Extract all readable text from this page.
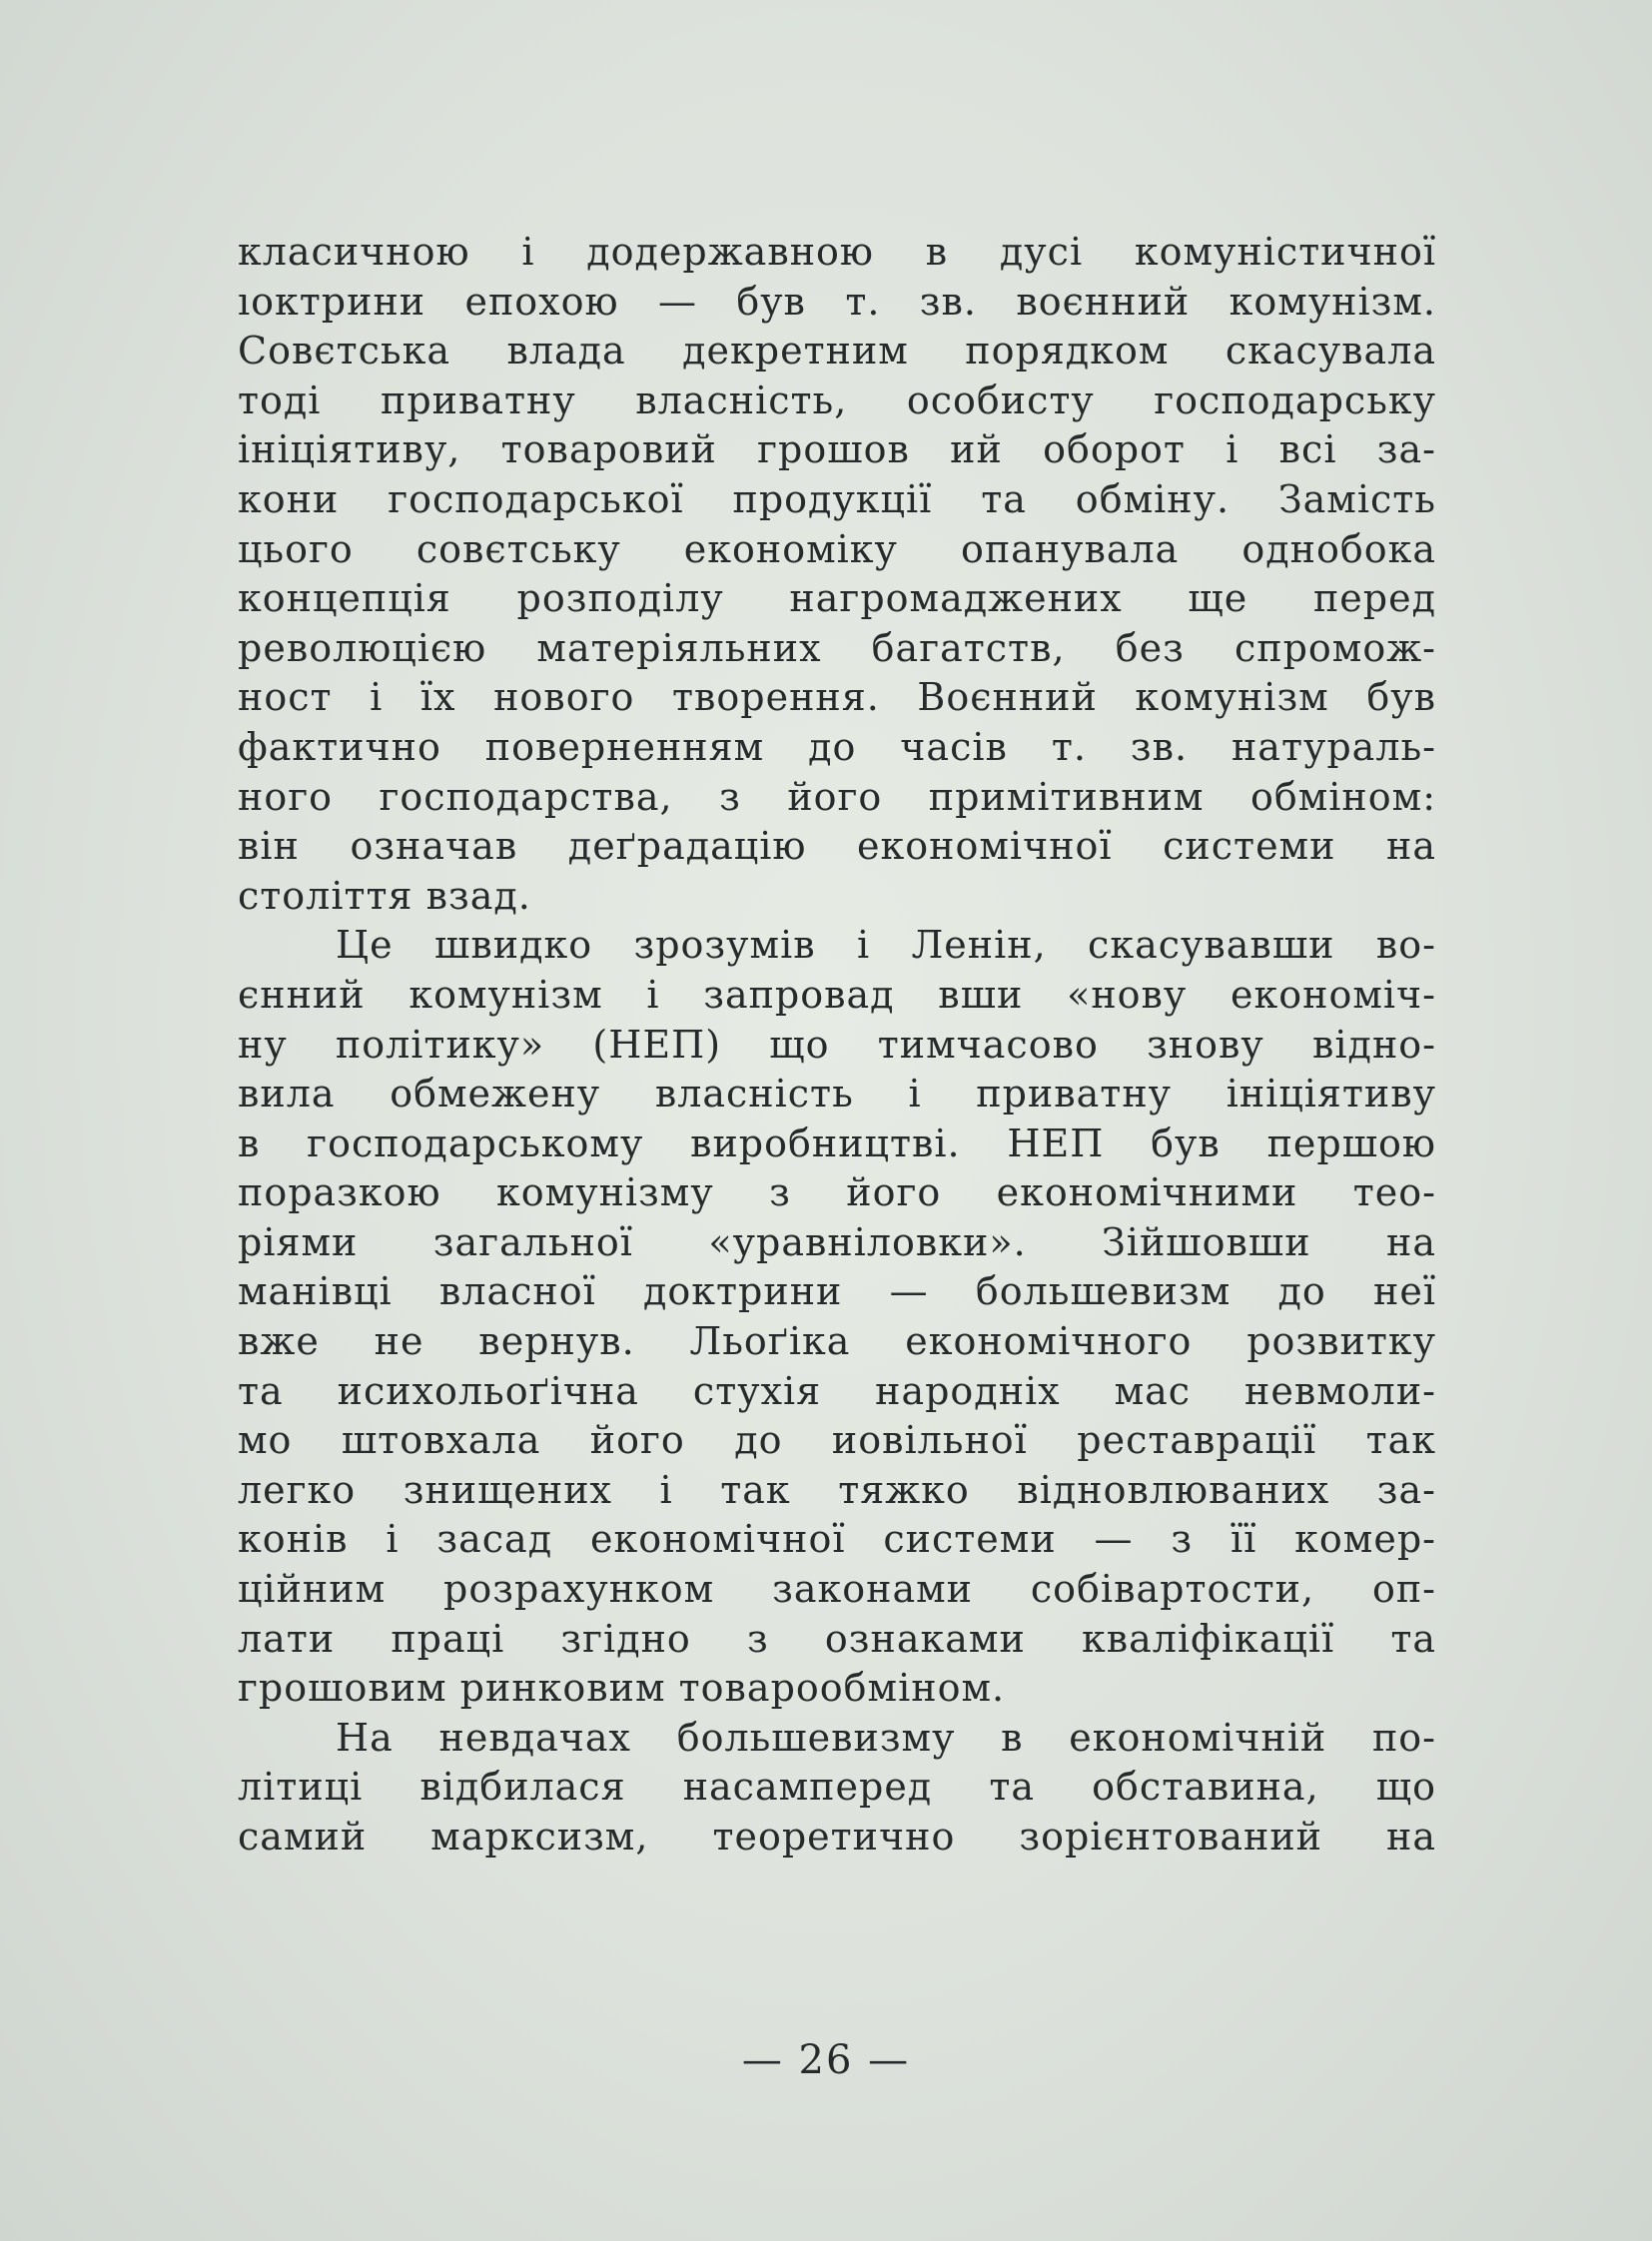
класичною і додержавною в дусі комуністичної
ıоктрини епохою — був т. зв. воєнний комунізм.
Совєтська влада декретним порядком скасувала
тоді приватну власність, особисту господарську
ініціятиву, товаровий грошов ий оборот і всі за-
кони господарської продукції та обміну. Замість
цього совєтську економіку опанувала однобока
концепція розподілу нагромаджених ще перед
революцією матеріяльних багатств, без спромож-
ност і їх нового творення. Воєнний комунізм був
фактично поверненням до часів т. зв. натураль-
ного господарства, з його примітивним обміном:
він означав деґрадацію економічної системи на
століття взад.
Це швидко зрозумів і Ленін, скасувавши во-
єнний комунізм і запровад вши «нову економіч-
ну політику» (НЕП) що тимчасово знову відно-
вила обмежену власність і приватну ініціятиву
в господарському виробництві. НЕП був першою
поразкою комунізму з його економічними тео-
ріями загальної «уравніловки». Зійшовши на
манівці власної доктрини — большевизм до неї
вже не вернув. Льоґіка економічного розвитку
та исихольоґічна стухія народніх мас невмоли-
мо штовхала його до иовільної реставрації так
легко знищених і так тяжко відновлюваних за-
конів і засад економічної системи — з її комер-
ційним розрахунком законами собівартости, оп-
лати праці згідно з ознаками кваліфікації та
грошовим ринковим товарообміном.
На невдачах большевизму в економічній по-
літиці відбилася насамперед та обставина, що
самий марксизм, теоретично зорієнтований на
— 26 —
